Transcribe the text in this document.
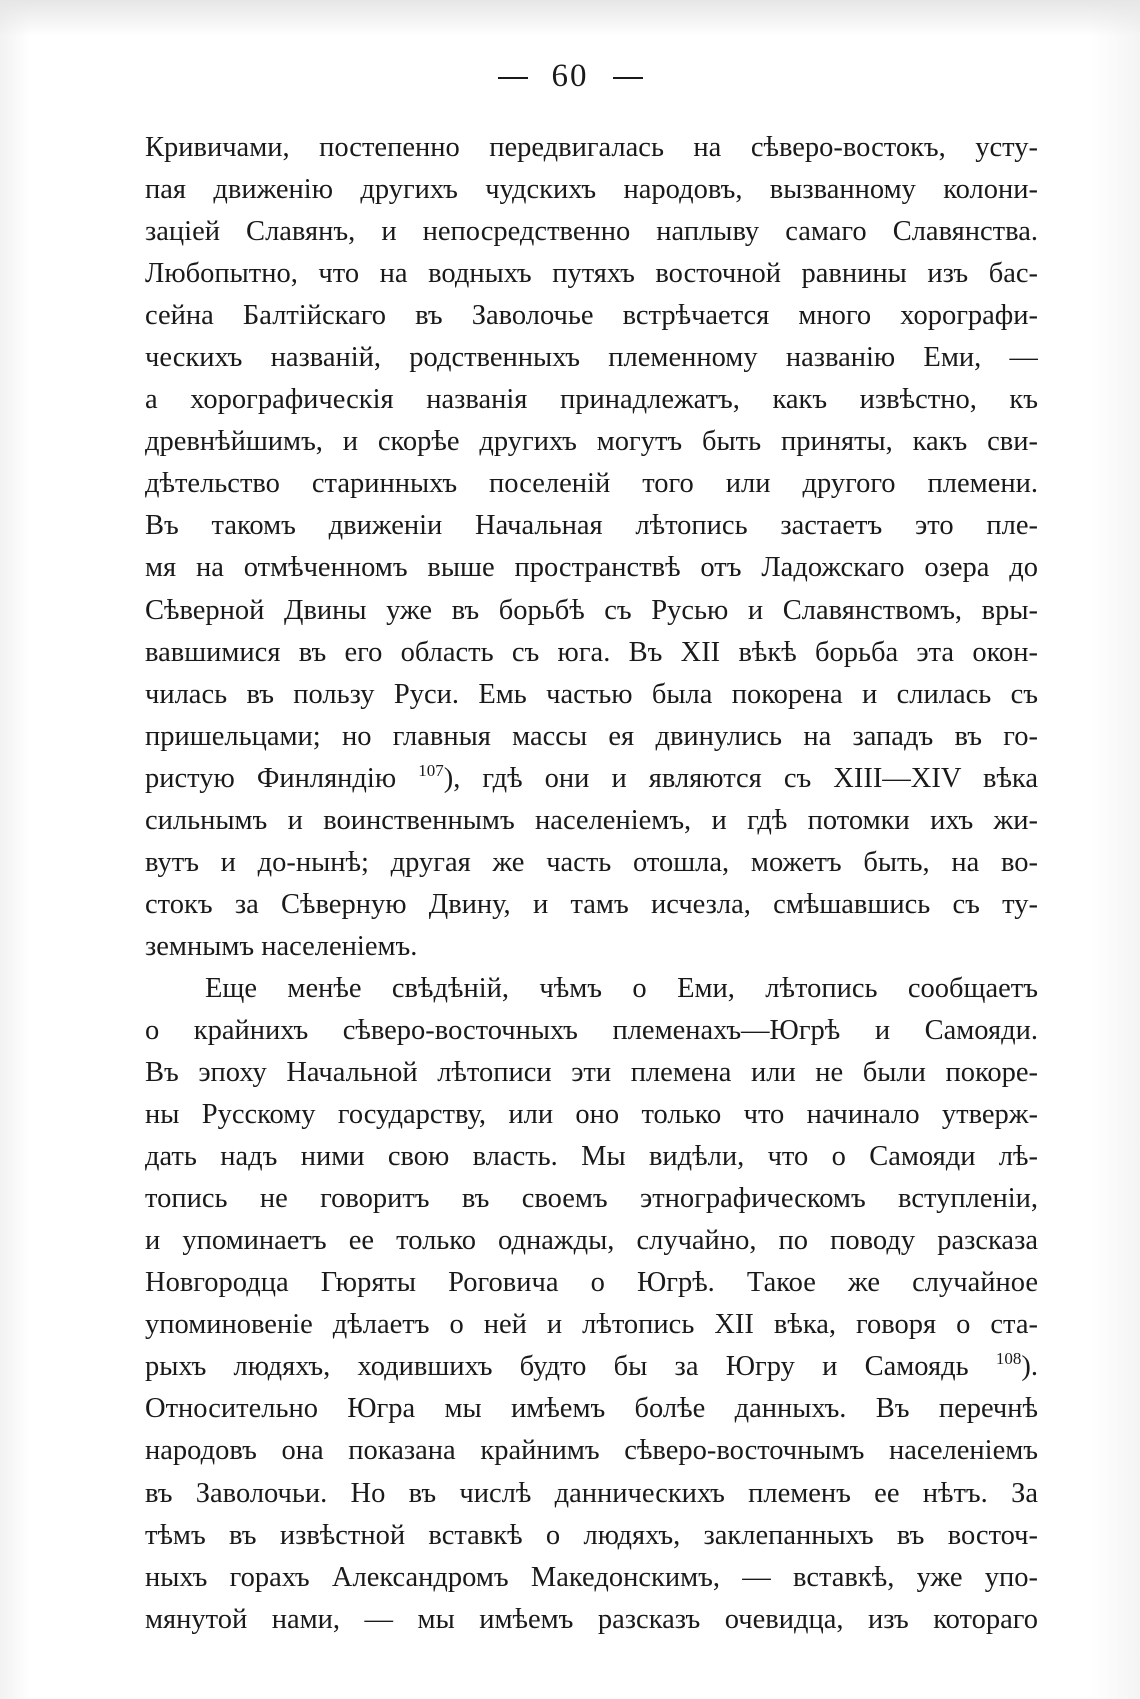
60
Кривичами, постепенно передвигалась на сѣверо-востокъ, усту-
пая движенію другихъ чудскихъ народовъ, вызванному колони-
заціей Славянъ, и непосредственно наплыву самаго Славянства.
Любопытно, что на водныхъ путяхъ восточной равнины изъ бас-
сейна Балтійскаго въ Заволочье встрѣчается много хорографи-
ческихъ названій, родственныхъ племенному названію Еми, —
а хорографическія названія принадлежатъ, какъ извѣстно, къ
древнѣйшимъ, и скорѣе другихъ могутъ быть приняты, какъ сви-
дѣтельство старинныхъ поселеній того или другого племени.
Въ такомъ движеніи Начальная лѣтопись застаетъ это пле-
мя на отмѣченномъ выше пространствѣ отъ Ладожскаго озера до
Сѣверной Двины уже въ борьбѣ съ Русью и Славянствомъ, вры-
вавшимися въ его область съ юга. Въ XII вѣкѣ борьба эта окон-
чилась въ пользу Руси. Емь частью была покорена и слилась съ
пришельцами; но главныя массы ея двинулись на западъ въ го-
ристую Финляндію $^{107}$), гдѣ они и являются съ XIII—XIV вѣка
сильнымъ и воинственнымъ населеніемъ, и гдѣ потомки ихъ жи-
вутъ и до-нынѣ; другая же часть отошла, можетъ быть, на во-
стокъ за Сѣверную Двину, и тамъ исчезла, смѣшавшись съ ту-
земнымъ населеніемъ.
Еще менѣе свѣдѣній, чѣмъ о Еми, лѣтопись сообщаетъ
о крайнихъ сѣверо-восточныхъ племенахъ—Югрѣ и Самояди.
Въ эпоху Начальной лѣтописи эти племена или не были покоре-
ны Русскому государству, или оно только что начинало утверж-
дать надъ ними свою власть. Мы видѣли, что о Самояди лѣ-
топись не говоритъ въ своемъ этнографическомъ вступленіи,
и упоминаетъ ее только однажды, случайно, по поводу разсказа
Новгородца Гюряты Роговича о Югрѣ. Такое же случайное
упоминовеніе дѣлаетъ о ней и лѣтопись XII вѣка, говоря о ста-
рыхъ людяхъ, ходившихъ будто бы за Югру и Самоядь $^{108}$).
Относительно Югра мы имѣемъ болѣе данныхъ. Въ перечнѣ
народовъ она показана крайнимъ сѣверо-восточнымъ населеніемъ
въ Заволочьи. Но въ числѣ данническихъ племенъ ее нѣтъ. За
тѣмъ въ извѣстной вставкѣ о людяхъ, заклепанныхъ въ восточ-
ныхъ горахъ Александромъ Македонскимъ, — вставкѣ, уже упо-
мянутой нами, — мы имѣемъ разсказъ очевидца, изъ котораго
